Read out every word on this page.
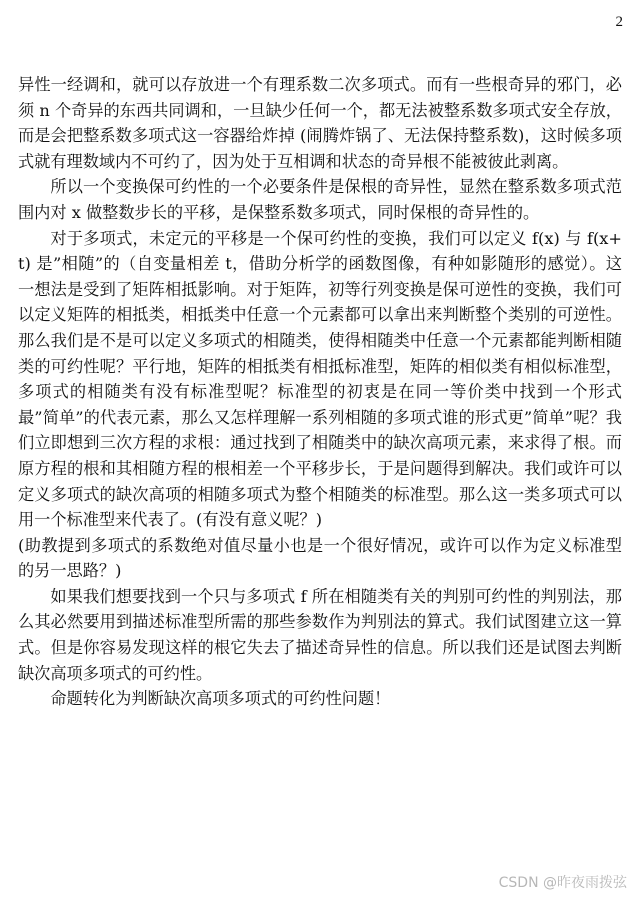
2

异性一经调和，就可以存放进一个有理系数二次多项式。而有一些根奇异的邪门，必须 n 个奇异的东西共同调和，一旦缺少任何一个，都无法被整系数多项式安全存放，而是会把整系数多项式这一容器给炸掉 (闹腾炸锅了、无法保持整系数)，这时候多项式就有理数域内不可约了，因为处于互相调和状态的奇异根不能被彼此剥离。

所以一个变换保可约性的一个必要条件是保根的奇异性，显然在整系数多项式范围内对 x 做整数步长的平移，是保整系数多项式，同时保根的奇异性的。

对于多项式，未定元的平移是一个保可约性的变换，我们可以定义 f(x) 与 f(x+t) 是”相随”的（自变量相差 t，借助分析学的函数图像，有种如影随形的感觉）。这一想法是受到了矩阵相抵影响。对于矩阵，初等行列变换是保可逆性的变换，我们可以定义矩阵的相抵类，相抵类中任意一个元素都可以拿出来判断整个类别的可逆性。那么我们是不是可以定义多项式的相随类，使得相随类中任意一个元素都能判断相随类的可约性呢？平行地，矩阵的相抵类有相抵标准型，矩阵的相似类有相似标准型，多项式的相随类有没有标准型呢？标准型的初衷是在同一等价类中找到一个形式最”简单”的代表元素，那么又怎样理解一系列相随的多项式谁的形式更”简单”呢？我们立即想到三次方程的求根：通过找到了相随类中的缺次高项元素，来求得了根。而原方程的根和其相随方程的根相差一个平移步长，于是问题得到解决。我们或许可以定义多项式的缺次高项的相随多项式为整个相随类的标准型。那么这一类多项式可以用一个标准型来代表了。(有没有意义呢？)

(助教提到多项式的系数绝对值尽量小也是一个很好情况，或许可以作为定义标准型的另一思路？)

如果我们想要找到一个只与多项式 f 所在相随类有关的判别可约性的判别法，那么其必然要用到描述标准型所需的那些参数作为判别法的算式。我们试图建立这一算式。但是你容易发现这样的根它失去了描述奇异性的信息。所以我们还是试图去判断缺次高项多项式的可约性。

命题转化为判断缺次高项多项式的可约性问题！

CSDN @昨夜雨拨弦
